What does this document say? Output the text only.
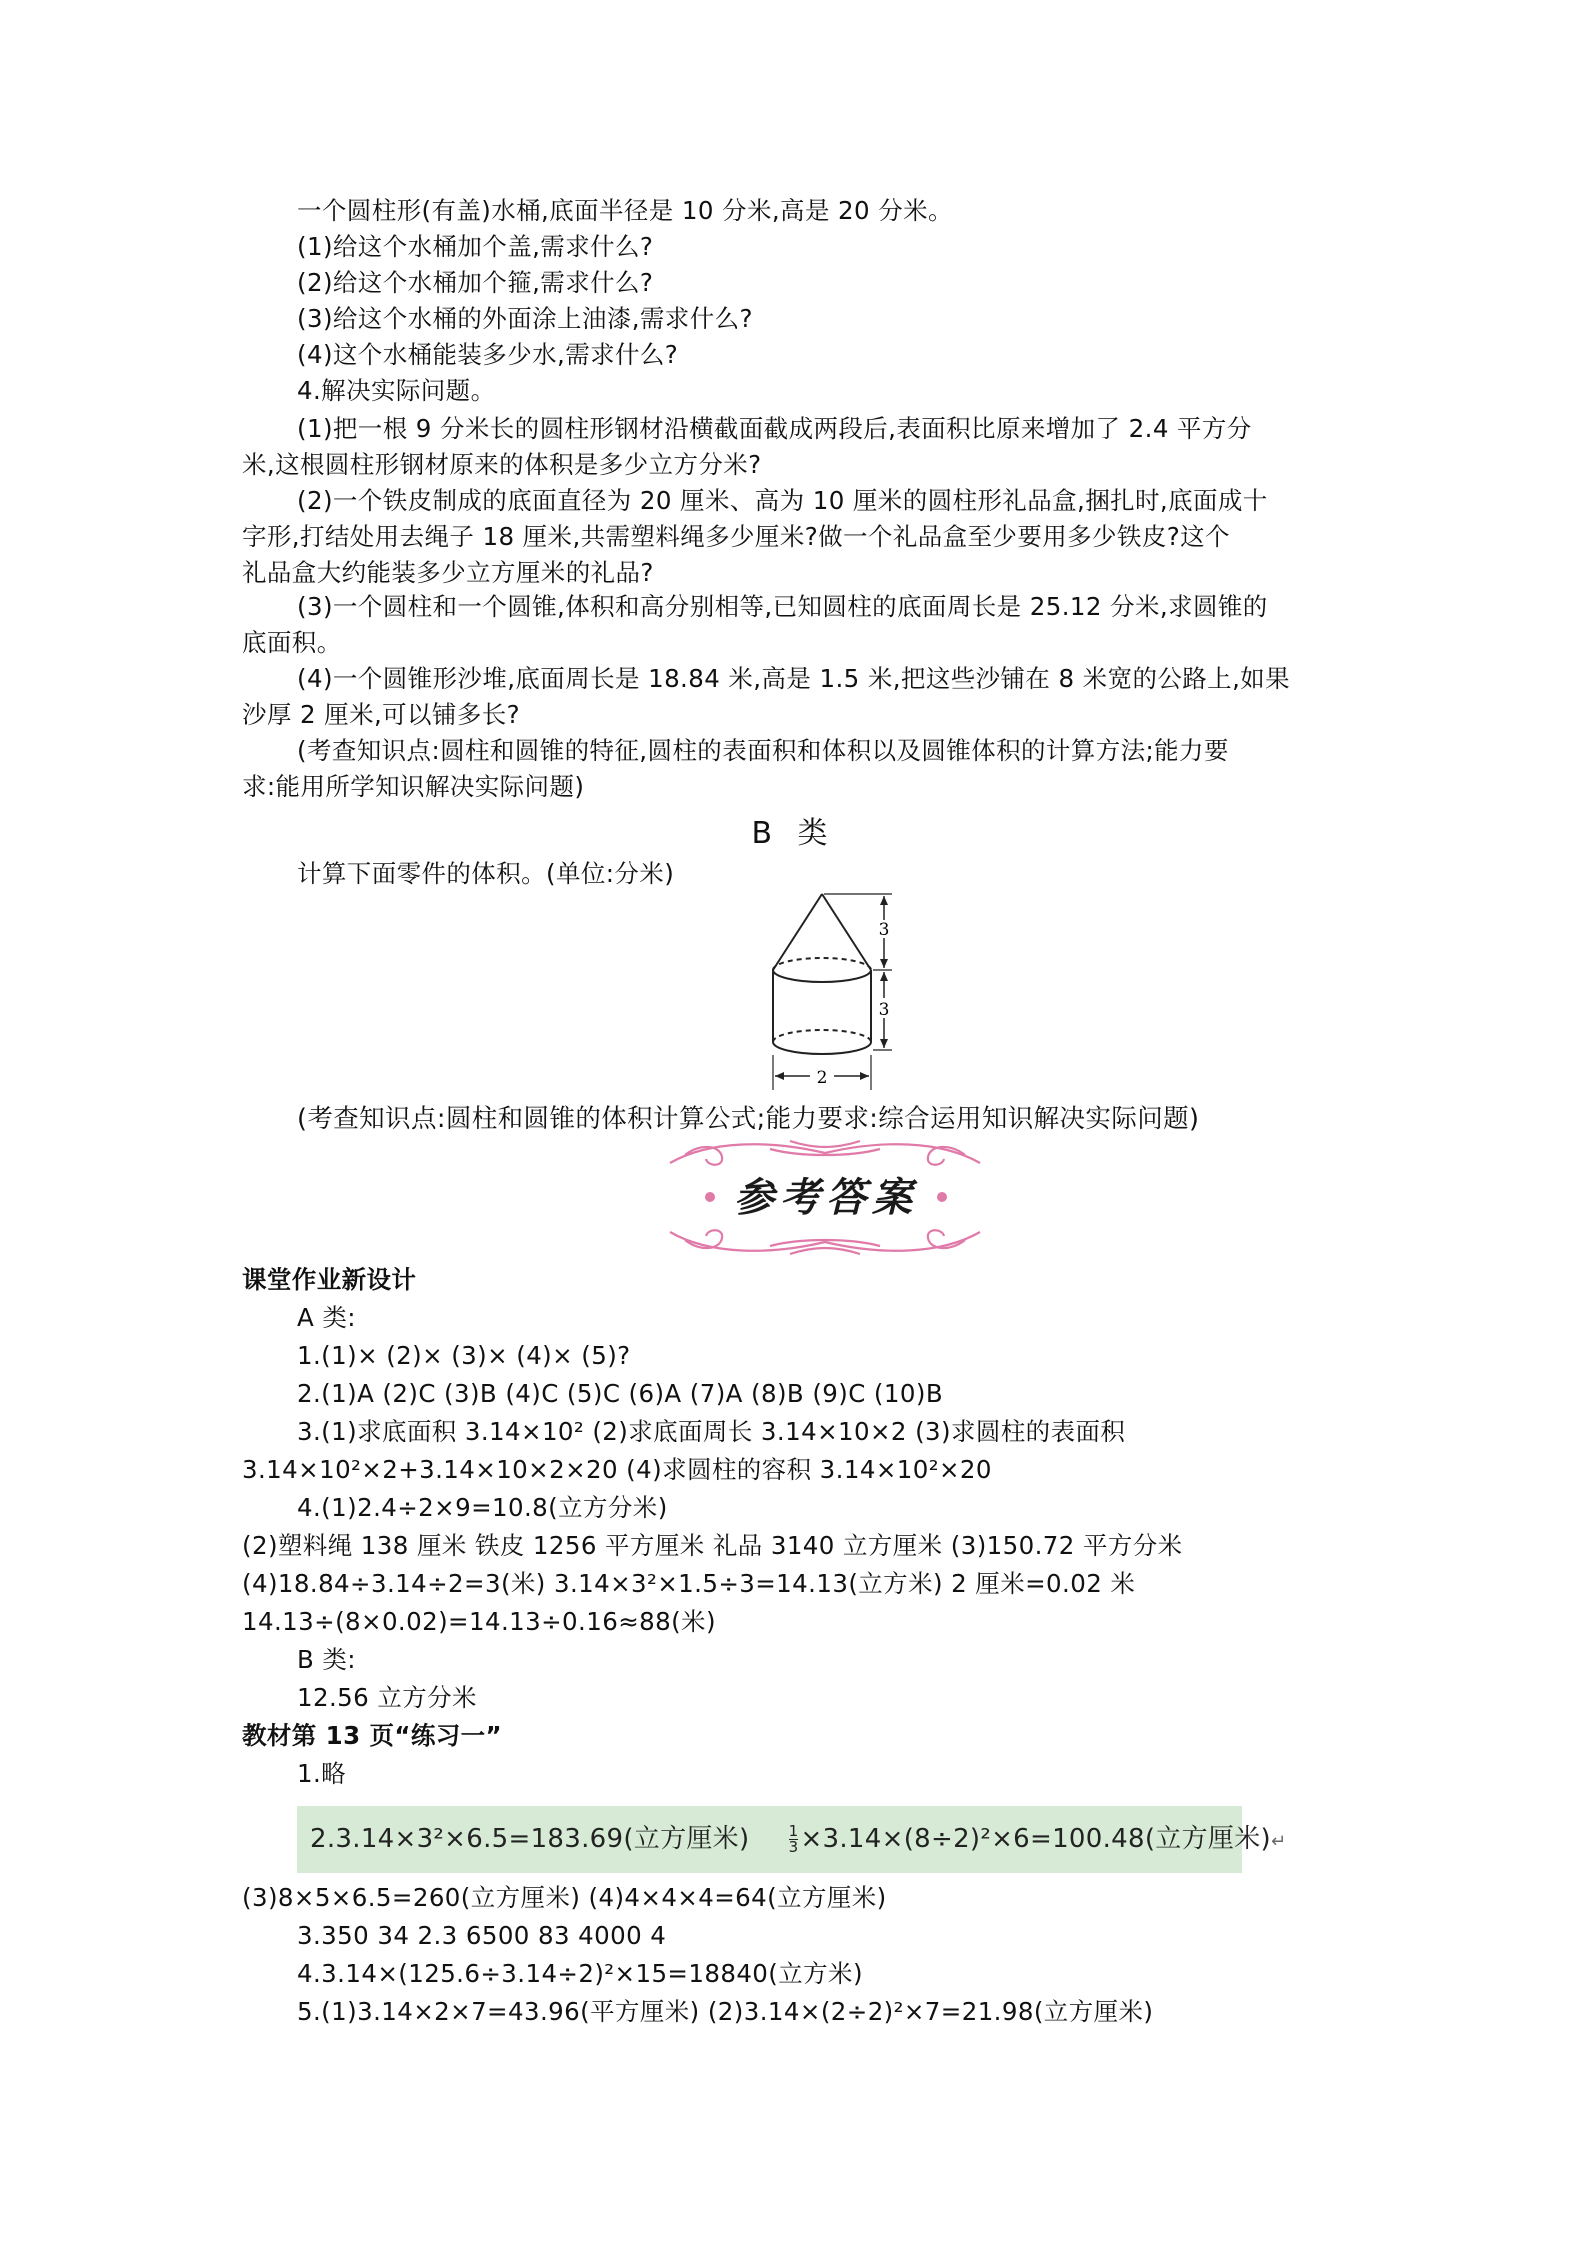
一个圆柱形(有盖)水桶,底面半径是 10 分米,高是 20 分米。
(1)给这个水桶加个盖,需求什么?
(2)给这个水桶加个箍,需求什么?
(3)给这个水桶的外面涂上油漆,需求什么?
(4)这个水桶能装多少水,需求什么?
4.解决实际问题。
(1)把一根 9 分米长的圆柱形钢材沿横截面截成两段后,表面积比原来增加了 2.4 平方分
米,这根圆柱形钢材原来的体积是多少立方分米?
(2)一个铁皮制成的底面直径为 20 厘米、高为 10 厘米的圆柱形礼品盒,捆扎时,底面成十
字形,打结处用去绳子 18 厘米,共需塑料绳多少厘米?做一个礼品盒至少要用多少铁皮?这个
礼品盒大约能装多少立方厘米的礼品?
(3)一个圆柱和一个圆锥,体积和高分别相等,已知圆柱的底面周长是 25.12 分米,求圆锥的
底面积。
(4)一个圆锥形沙堆,底面周长是 18.84 米,高是 1.5 米,把这些沙铺在 8 米宽的公路上,如果
沙厚 2 厘米,可以铺多长?
(考查知识点:圆柱和圆锥的特征,圆柱的表面积和体积以及圆锥体积的计算方法;能力要
求:能用所学知识解决实际问题)
B 类
计算下面零件的体积。(单位:分米)
3
3
2
(考查知识点:圆柱和圆锥的体积计算公式;能力要求:综合运用知识解决实际问题)
参考答案
课堂作业新设计
A 类:
1.(1)× (2)× (3)× (4)× (5)?
2.(1)A (2)C (3)B (4)C (5)C (6)A (7)A (8)B (9)C (10)B
3.(1)求底面积 3.14×10² (2)求底面周长 3.14×10×2 (3)求圆柱的表面积
3.14×10²×2+3.14×10×2×20 (4)求圆柱的容积 3.14×10²×20
4.(1)2.4÷2×9=10.8(立方分米)
(2)塑料绳 138 厘米 铁皮 1256 平方厘米 礼品 3140 立方厘米 (3)150.72 平方分米
(4)18.84÷3.14÷2=3(米) 3.14×3²×1.5÷3=14.13(立方米) 2 厘米=0.02 米
14.13÷(8×0.02)=14.13÷0.16≈88(米)
B 类:
12.56 立方分米
教材第 13 页“练习一”
1.略
2.3.14×3²×6.5=183.69(立方厘米)	$\frac{1}{3} \times 3.14\times(8\div 2)^2\times 6=100.48$(立方厘米)↵
(3)8×5×6.5=260(立方厘米) (4)4×4×4=64(立方厘米)
3.350 34 2.3 6500 83 4000 4
4.3.14×(125.6÷3.14÷2)²×15=18840(立方米)
5.(1)3.14×2×7=43.96(平方厘米) (2)3.14×(2÷2)²×7=21.98(立方厘米)
